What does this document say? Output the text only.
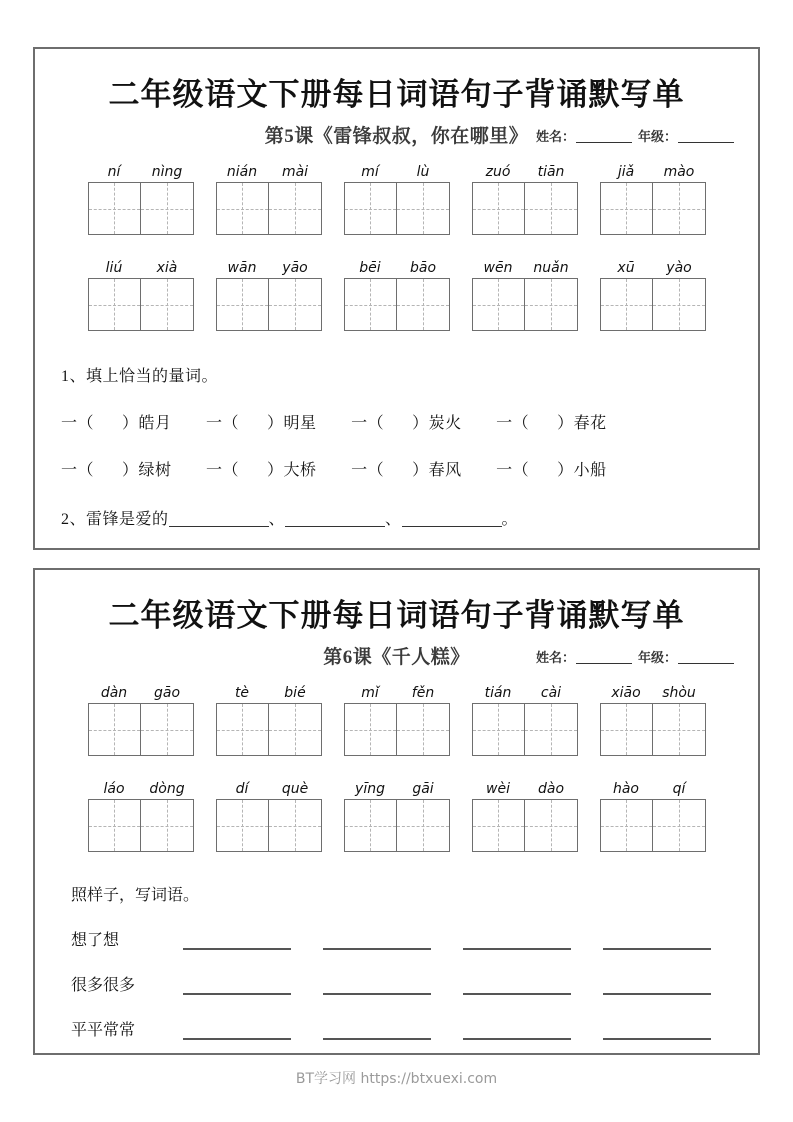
二年级语文下册每日词语句子背诵默写单
第5课《雷锋叔叔，你在哪里》 姓名：	年级：
ní	nìng	nián	mài	mí	lù	zuó	tiān	jiǎ	mào
liú	xià	wān	yāo	bēi	bāo	wēn	nuǎn	xū	yào
1、填上恰当的量词。
一（ ）皓月 一（ ）明星 一（ ）炭火 一（ ）春花
一（ ）绿树 一（ ）大桥 一（ ）春风 一（ ）小船
2、雷锋是爱的	、	、	。
二年级语文下册每日词语句子背诵默写单
第6课《千人糕》	姓名：	年级：
dàn	gāo	tè	bié	mǐ	fěn	tián	cài	xiāo	shòu
láo	dòng	dí	què	yīng	gāi	wèi	dào	hào	qí
照样子，写词语。
想了想
很多很多
平平常常
BT学习网 https://btxuexi.com
